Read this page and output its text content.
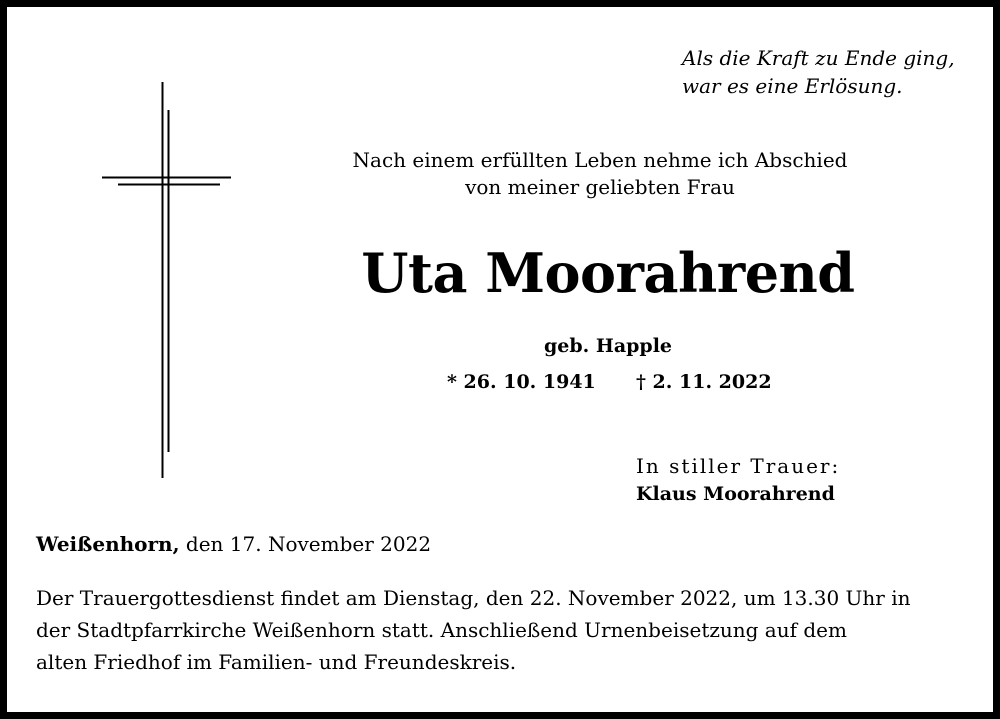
Als die Kraft zu Ende ging,
war es eine Erlösung.
Nach einem erfüllten Leben nehme ich Abschied
von meiner geliebten Frau
Uta Moorahrend
geb. Happle
* 26. 10. 1941 † 2. 11. 2022
In stiller Trauer:
Klaus Moorahrend
Weißenhorn, den 17. November 2022
Der Trauergottesdienst findet am Dienstag, den 22. November 2022, um 13.30 Uhr in
der Stadtpfarrkirche Weißenhorn statt. Anschließend Urnenbeisetzung auf dem
alten Friedhof im Familien- und Freundeskreis.
